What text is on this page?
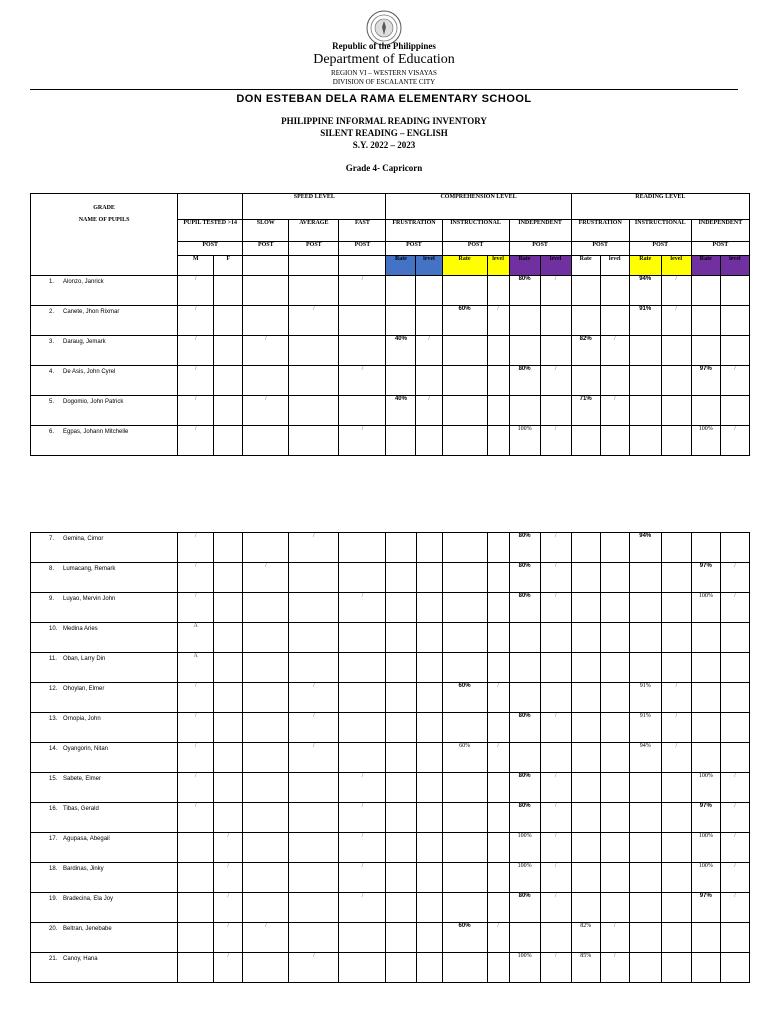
Republic of the Philippines
Department of Education
REGION VI – WESTERN VISAYAS
DIVISION OF ESCALANTE CITY
DON ESTEBAN DELA RAMA ELEMENTARY SCHOOL
PHILIPPINE INFORMAL READING INVENTORY
SILENT READING – ENGLISH
S.Y. 2022 – 2023
Grade 4- Capricorn
GRADE
NAME OF PUPILS			SPEED LEVEL			COMPREHENSION LEVEL						READING LEVEL					
	PUPIL TESTED >14		SLOW	AVERAGE	FAST	FRUSTRATION		INSTRUCTIONAL		INDEPENDENT		FRUSTRATION		INSTRUCTIONAL		INDEPENDENT	
	POST		POST	POST	POST	POST		POST		POST		POST		POST		POST	
	M	F				Rate	level	Rate	level	Rate	level	Rate	level	Rate	level	Rate	level
1. Alonzo, Janrick	/				/					80%	/			94%	/		
2. Canete, Jhon Rixmar	/			/				60%	/					91%	/		
3. Daraug, Jemark	/		/			40%	/					82%	/				
4. De Asis, John Cyrel	/				/					80%	/					97%	/
5. Dogomio, John Patrick	/		/			40%	/					71%	/				
6. Egpas, Johann Mitchelle	/				/					100%	/					100%	/
7. Gemina, Cimor	/			/						80%	/			94%			
8. Lumacang, Remark	/		/							80%	/					97%	/
9. Luyao, Mervin John	/				/					80%	/					100%	/
10. Medina Aries	A																
11. Oban, Larry Din	A																
12. Ohoylan, Elmer	/			/				60%	/					91%	/		
13. Ornopia, John	/			/						80%	/			91%	/		
14. Oyangorin, Nitan	/			/				60%	/					94%	/		
15. Sabete, Elmer	/				/					80%	/					100%	/
16. Tibas, Gerald	/				/					80%	/					97%	/
17. Agupasa, Abegail		/			/					100%	/					100%	/
18. Bardinas, Jinky		/			/					100%	/					100%	/
19. Bradecina, Ela Joy		/			/					80%	/					97%	/
20. Beltran, Jenebabe		/	/					60%	/			82%	/				
21. Canoy, Hana		/		/						100%	/	85%	/				
